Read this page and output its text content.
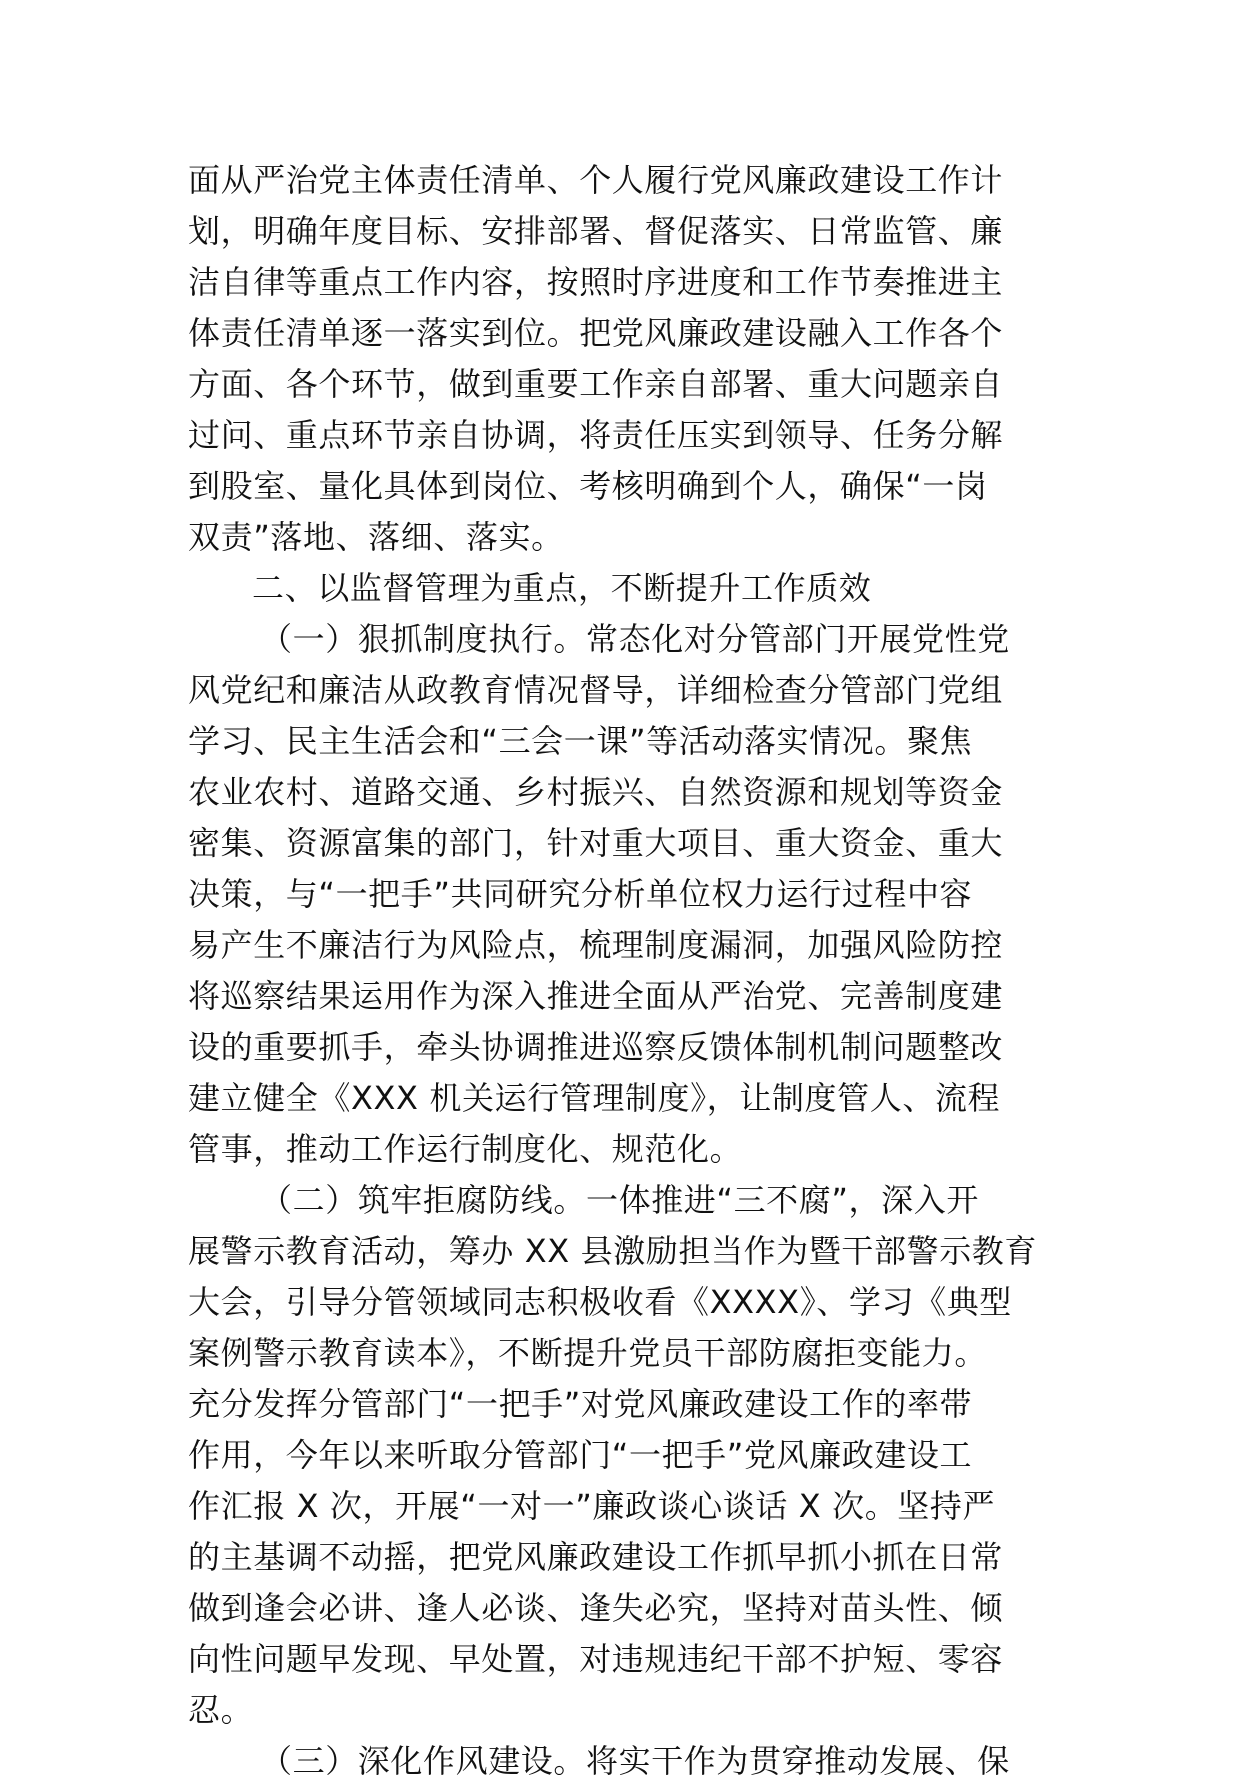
面从严治党主体责任清单、个人履行党风廉政建设工作计
划，明确年度目标、安排部署、督促落实、日常监管、廉
洁自律等重点工作内容，按照时序进度和工作节奏推进主
体责任清单逐一落实到位。把党风廉政建设融入工作各个
方面、各个环节，做到重要工作亲自部署、重大问题亲自
过问、重点环节亲自协调，将责任压实到领导、任务分解
到股室、量化具体到岗位、考核明确到个人，确保“一岗
双责”落地、落细、落实。
二、以监督管理为重点，不断提升工作质效
（一）狠抓制度执行。常态化对分管部门开展党性党
风党纪和廉洁从政教育情况督导，详细检查分管部门党组
学习、民主生活会和“三会一课”等活动落实情况。聚焦
农业农村、道路交通、乡村振兴、自然资源和规划等资金
密集、资源富集的部门，针对重大项目、重大资金、重大
决策，与“一把手”共同研究分析单位权力运行过程中容
易产生不廉洁行为风险点，梳理制度漏洞，加强风险防控
将巡察结果运用作为深入推进全面从严治党、完善制度建
设的重要抓手，牵头协调推进巡察反馈体制机制问题整改
建立健全《XXX 机关运行管理制度》，让制度管人、流程
管事，推动工作运行制度化、规范化。
（二）筑牢拒腐防线。一体推进“三不腐”，深入开
展警示教育活动，筹办 XX 县激励担当作为暨干部警示教育
大会，引导分管领域同志积极收看《XXXX》、学习《典型
案例警示教育读本》，不断提升党员干部防腐拒变能力。
充分发挥分管部门“一把手”对党风廉政建设工作的率带
作用，今年以来听取分管部门“一把手”党风廉政建设工
作汇报 X 次，开展“一对一”廉政谈心谈话 X 次。坚持严
的主基调不动摇，把党风廉政建设工作抓早抓小抓在日常
做到逢会必讲、逢人必谈、逢失必究，坚持对苗头性、倾
向性问题早发现、早处置，对违规违纪干部不护短、零容
忍。
（三）深化作风建设。将实干作为贯穿推动发展、保
